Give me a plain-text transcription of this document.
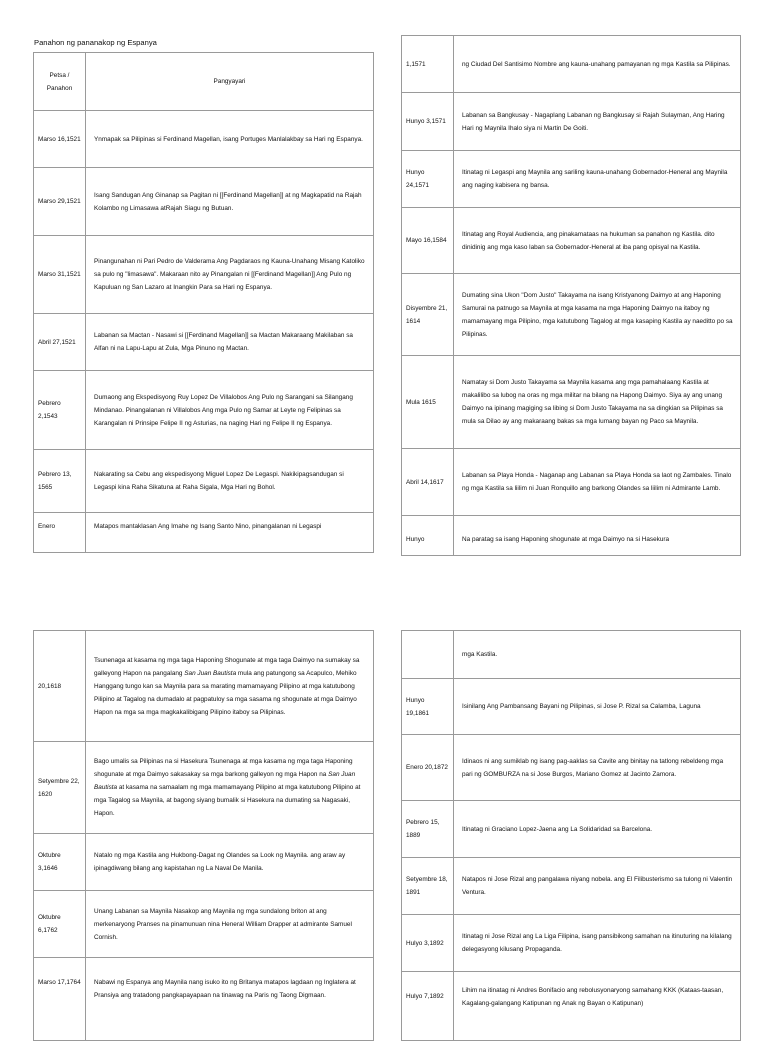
Panahon ng pananakop ng Espanya
Petsa / Panahon	Pangyayari
Marso 16,1521	Ynmapak sa Pilipinas si Ferdinand Magellan, isang Portuges Manlalakbay sa Hari ng Espanya.
Marso 29,1521	Isang Sandugan Ang Ginanap sa Pagitan ni [[Ferdinand Magellan]] at ng Magkapatid na Rajah Kolambo ng Limasawa atRajah Siagu ng Butuan.
Marso 31,1521	Pinangunahan ni Pari Pedro de Valderama Ang Pagdaraos ng Kauna-Unahang Misang Katoliko sa pulo ng "limasawa". Makaraan nito ay Pinangalan ni [[Ferdinand Magellan]] Ang Pulo ng Kapuluan ng San Lazaro at Inangkin Para sa Hari ng Espanya.
Abril 27,1521	Labanan sa Mactan - Nasawi si [[Ferdinand Magellan]] sa Mactan Makaraang Makilaban sa Alfan ni na Lapu-Lapu at Zula, Mga Pinuno ng Mactan.
Pebrero 2,1543	Dumaong ang Ekspedisyong Ruy Lopez De Villalobos Ang Pulo ng Sarangani sa Silangang Mindanao. Pinangalanan ni Villalobos Ang mga Pulo ng Samar at Leyte ng Felipinas sa Karangalan ni Prinsipe Felipe II ng Asturias, na naging Hari ng Felipe II ng Espanya.
Pebrero 13, 1565	Nakarating sa Cebu ang ekspedisyong Miguel Lopez De Legaspi. Nakikipagsandugan si Legaspi kina Raha Sikatuna at Raha Sigala, Mga Hari ng Bohol.
Enero	Matapos mantaklasan Ang Imahe ng Isang Santo Nino, pinangalanan ni Legaspi
1,1571	ng Ciudad Del Santisimo Nombre ang kauna-unahang pamayanan ng mga Kastila sa Pilipinas.
Hunyo 3,1571	Labanan sa Bangkusay - Nagaplang Labanan ng Bangkusay si Rajah Sulayman, Ang Haring Hari ng Maynila Ihalo siya ni Martin De Goiti.
Hunyo 24,1571	Itinatag ni Legaspi ang Maynila ang sariling kauna-unahang Gobernador-Heneral ang Maynila ang naging kabisera ng bansa.
Mayo 16,1584	Itinatag ang Royal Audiencia, ang pinakamataas na hukuman sa panahon ng Kastila. dito dinidinig ang mga kaso laban sa Gobernador-Heneral at iba pang opisyal na Kastila.
Disyembre 21, 1614	Dumating sina Ukon "Dom Justo" Takayama na isang Kristyanong Daimyo at ang Haponing Samurai na patnugo sa Maynila at mga kasama na mga Haponing Daimyo na itaboy ng mamamayang mga Pilipino, mga katutubong Tagalog at mga kasaping Kastila ay naeditto po sa Pilipinas.
Mula 1615	Namatay si Dom Justo Takayama sa Maynila kasama ang mga pamahalaang Kastila at makalilibo sa lubog na oras ng mga militar na bilang na Hapong Daimyo. Siya ay ang unang Daimyo na ipinang magiging sa libing si Dom Justo Takayama na sa dingkian sa Pilipinas sa mula sa Dilao ay ang makaraang bakas sa mga lumang bayan ng Paco sa Maynila.
Abril 14,1617	Labanan sa Playa Honda - Naganap ang Labanan sa Playa Honda sa laot ng Zambales. Tinalo ng mga Kastila sa liilim ni Juan Ronquillo ang barkong Olandes sa liilim ni Admirante Lamb.
Hunyo	Na paratag sa isang Haponing shogunate at mga Daimyo na si Hasekura
20,1618	Tsunenaga at kasama ng mga taga Haponing Shogunate at mga taga Daimyo na sumakay sa galleyong Hapon na pangalang San Juan Bautista mula ang patungong sa Acapulco, Mehiko Hanggang tungo kan sa Maynila para sa marating mamamayang Pilipino at mga katutubong Pilipino at Tagalog na dumadalo at pagpatuloy sa mga sasama ng shogunate at mga Daimyo Hapon na mga sa mga magkakalibigang Pilipino itaboy sa Pilipinas.
Setyembre 22, 1620	Bago umalis sa Pilipinas na si Hasekura Tsunenaga at mga kasama ng mga taga Haponing shogunate at mga Daimyo sakasakay sa mga barkong galleyon ng mga Hapon na San Juan Bautista at kasama na samaalam ng mga mamamayang Pilipino at mga katutubong Pilipino at mga Tagalog sa Maynila, at bagong siyang bumalik si Hasekura na dumating sa Nagasaki, Hapon.
Oktubre 3,1646	Natalo ng mga Kastila ang Hukbong-Dagat ng Olandes sa Look ng Maynila. ang araw ay ipinagdiwang bilang ang kapistahan ng La Naval De Manila.
Oktubre 6,1762	Unang Labanan sa Maynila Nasakop ang Maynila ng mga sundalong briton at ang merkenaryong Pranses na pinamunuan nina Heneral William Drapper at admirante Samuel Cornish.
Marso 17,1764	Nabawi ng Espanya ang Maynila nang isuko ito ng Britanya matapos lagdaan ng Inglatera at Pransiya ang tratadong pangkapayapaan na tinawag na Paris ng Taong Digmaan.
	mga Kastila.
Hunyo 19,1861	Isinilang Ang Pambansang Bayani ng Pilipinas, si Jose P. Rizal sa Calamba, Laguna
Enero 20,1872	Idinaos ni ang sumiklab ng isang pag-aaklas sa Cavite ang binitay na tatlong rebeldeng mga pari ng GOMBURZA na si Jose Burgos, Mariano Gomez at Jacinto Zamora.
Pebrero 15, 1889	Itinatag ni Graciano Lopez-Jaena ang La Solidaridad sa Barcelona.
Setyembre 18, 1891	Natapos ni Jose Rizal ang pangalawa niyang nobela. ang El Filibusterismo sa tulong ni Valentin Ventura.
Hulyo 3,1892	Itinatag ni Jose Rizal ang La Liga Filipina, isang pansibikong samahan na itinuturing na kilalang delegasyong kilusang Propaganda.
Hulyo 7,1892	Lihim na itinatag ni Andres Bonifacio ang rebolusyonaryong samahang KKK (Kataas-taasan, Kagalang-galangang Katipunan ng Anak ng Bayan o Katipunan)
